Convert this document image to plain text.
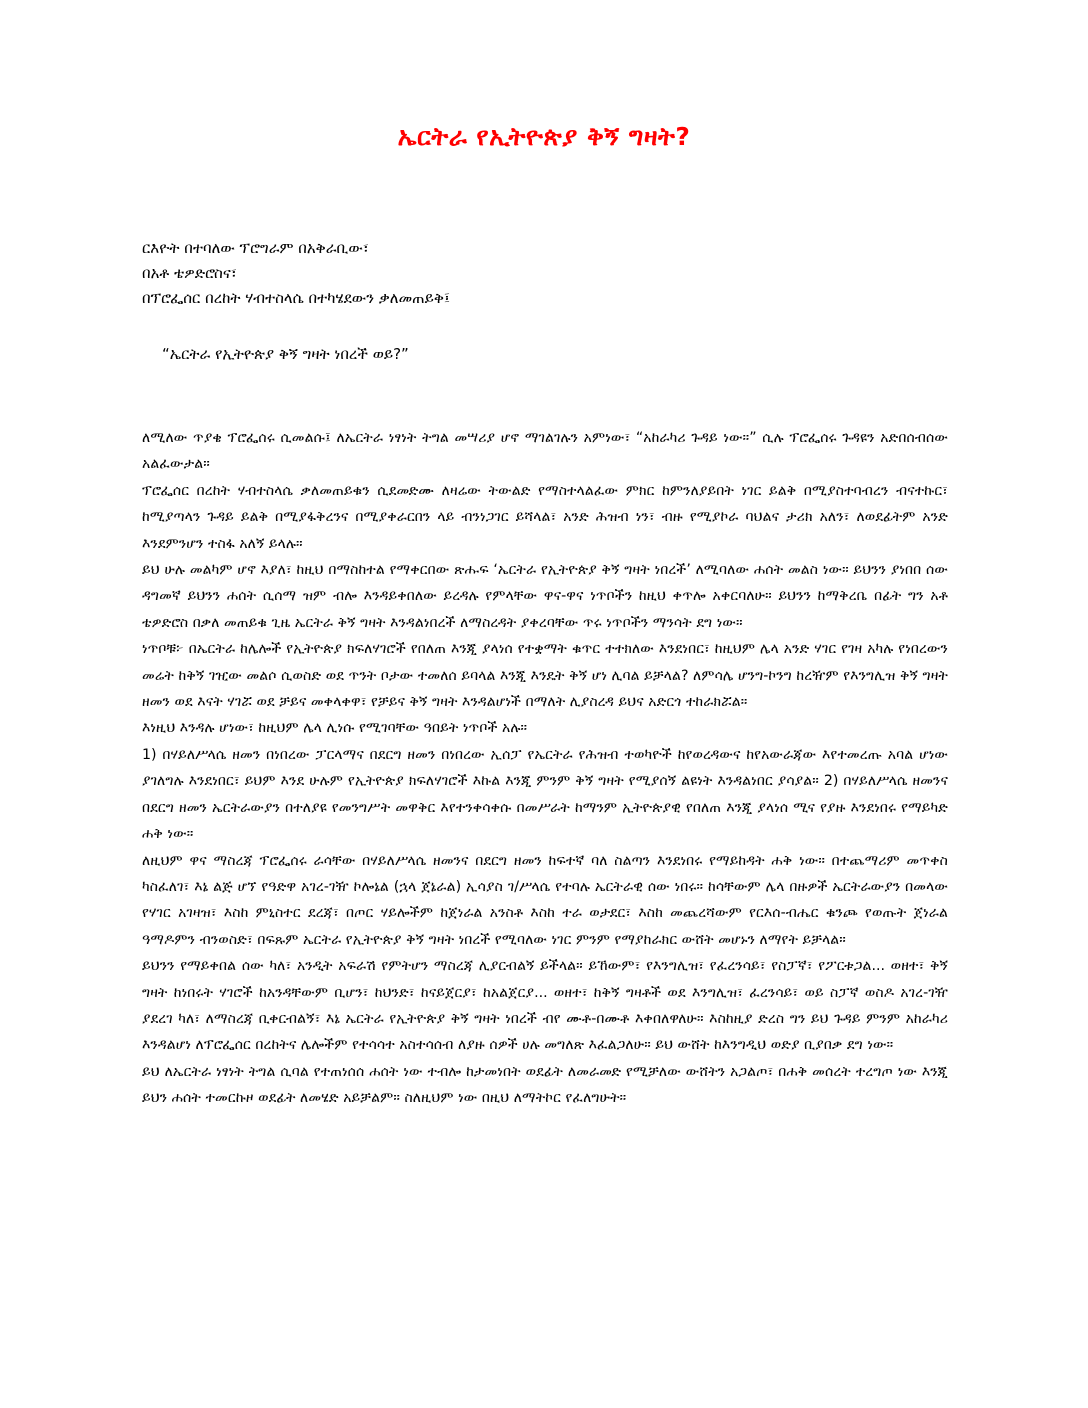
ኤርትራ የኢትዮጵያ ቅኝ ግዛት?
ርእዮት በተባለው ፕሮግራም በአቅራቢው፣
በአቶ ቴዎድሮስና፣
በፕሮፌሰር በረከት ሃብተስላሴ በተካሄደውን ቃለመጠይቅ፤
“ኤርትራ የኢትዮጵያ ቅኝ ግዛት ነበረች ወይ?”

ለሚለው ጥያቄ ፕሮፌሰሩ ሲመልሱ፤ ለኤርትራ ነፃነት ትግል መሣሪያ ሆኖ ማገልገሉን አምነው፣ “አከራካሪ ጉዳይ ነው።” ሲሉ ፕሮፌሰሩ ጉዳዩን አድበሰብሰው አልፈውታል።

ፕሮፌሰር በረከት ሃብተስላሴ ቃለመጠይቁን ሲደመድሙ ለዛሬው ትውልድ የማስተላልፈው ምክር ከምንለያይበት ነገር ይልቅ በሚያስተባብረን ብናተኩር፣ ከሚያጣላን ጉዳይ ይልቅ በሚያፋቅረንና በሚያቀራርበን ላይ ብንነጋገር ይሻላል፣ አንድ ሕዝብ ነን፣ ብዙ የሚያኮራ ባህልና ታሪክ አለን፣ ለወደፊትም አንድ እንደምንሆን ተስፋ አለኝ ይላሉ።

ይህ ሁሉ መልካም ሆኖ እያለ፣ ከዚህ በማስከተል የማቀርበው ጽሑፍ ‘ኤርትራ የኢትዮጵያ ቅኝ ግዛት ነበረች’ ለሚባለው ሐሰት መልስ ነው። ይህንን ያነበበ ሰው ዳግመኛ ይህንን ሐሰት ሲሰማ ዝም ብሎ እንዳይቀበለው ይረዳሉ የምላቸው ዋና-ዋና ነጥቦችን ከዚህ ቀጥሎ አቀርባለሁ። ይህንን ከማቅረቤ በፊት ግን አቶ ቴዎድሮስ በቃለ መጠይቁ ጊዜ ኤርትራ ቅኝ ግዛት እንዳልነበረች ለማስረዳት ያቀረባቸው ጥሩ ነጥቦችን ማንሳት ደግ ነው።

ነጥቦቹ፦ በኤርትራ ከሌሎች የኢትዮጵያ ክፍለሃገሮች የበለጠ እንጂ ያላነሰ የተቋማት ቁጥር ተተክለው እንደነበር፣ ከዚህም ሌላ አንድ ሃገር የገዛ አካሉ የነበረውን መሬት ከቅኝ ገዢው መልሶ ሲወስድ ወደ ጥንት ቦታው ተመለሰ ይባላል እንጂ እንዴት ቅኝ ሆነ ሊባል ይቻላል? ለምሳሌ ሆንግ-ኮንግ ከረዥም የእንግሊዝ ቅኝ ግዛት ዘመን ወደ እናት ሃገሯ ወደ ቻይና መቀላቀዋ፣ የቻይና ቅኝ ግዛት እንዳልሆነች በማለት ሊያስረዳ ይህና አድርጎ ተከራክሯል።

እነዚህ እንዳሉ ሆነው፣ ከዚህም ሌላ ሊነሱ የሚገባቸው ዓበይት ነጥቦች አሉ።

1) በሃይለሥላሴ ዘመን በነበረው ፓርላማና በደርግ ዘመን በነበረው ኢሰፓ የኤርትራ የሕዝብ ተወካዮች ከየወረዳውና ከየአውራጃው እየተመረጡ አባል ሆነው ያገለግሉ እንደነበር፣ ይህም እንደ ሁሉም የኢትዮጵያ ክፍለሃገሮች እኩል እንጂ ምንም ቅኝ ግዛት የሚያሰኝ ልዩነት እንዳልነበር ያሳያል። 2) በሃይለሥላሴ ዘመንና በደርግ ዘመን ኤርትራውያን በተለያዩ የመንግሥት መዋቅር እየተንቀሳቀሱ በመሥራት ከማንም ኢትዮጵያዊ የበለጠ እንጂ ያላነሰ ሚና የያዙ እንደነበሩ የማይካድ ሐቅ ነው።

ለዚህም ዋና ማስረጃ ፕሮፌሰሩ ራሳቸው በሃይለሥላሴ ዘመንና በደርግ ዘመን ከፍተኛ ባለ ስልጣን እንደነበሩ የማይከዳት ሐቅ ነው። በተጨማሪም መጥቀስ ካስፈለገ፣ እኔ ልጅ ሆኘ የዓድዋ አገረ-ገዥ ኮሎኔል (ኋላ ጀኔራል) ኢሳያስ ገ/ሥላሴ የተባሉ ኤርትራዊ ሰው ነበሩ። ከሳቸውም ሌላ በዙዎች ኤርትራውያን በመላው የሃገር አገዛዝ፣ እስከ ምኒስተር ደረጃ፣ በጦር ሃይሎችም ከጀነራል አንስቶ እስከ ተራ ወታደር፣ እስከ መጨረሻውም የርእሰ-ብሔር ቁንጮ የወጡት ጀነራል ዓማዶምን ብንወስድ፣ በፍጹም ኤርትራ የኢትዮጵያ ቅኝ ግዛት ነበረች የሚባለው ነገር ምንም የማያከራክር ውሸት መሆኑን ለማየት ይቻላል።

ይህንን የማይቀበል ሰው ካለ፣ አንዲት አፍራሽ የምትሆን ማስረጃ ሊያርብልኝ ይችላል። ይኸውም፣ የእንግሊዝ፣ የፈረንሳይ፣ የስፓኛ፣ የፖርቱጋል... ወዘተ፣ ቅኝ ግዛት ከነበሩት ሃገሮች ከአንዳቸውም ቢሆን፣ ከህንድ፣ ከናይጀርያ፣ ከአልጀርያ... ወዘተ፣ ከቅኝ ግዛቶች ወደ እንግሊዝ፣ ፈረንሳይ፣ ወይ ስፓኛ ወስዶ አገረ-ገዥ ያደረገ ካለ፣ ለማስረጃ ቢቀርብልኝ፣ እኔ ኤርትራ የኢትዮጵያ ቅኝ ግዛት ነበረች ብየ ሙቶ-በሙቶ እቀበለዋለሁ። እስከዚያ ድረስ ግን ይህ ጉዳይ ምንም አከራካሪ እንዳልሆነ ለፕሮፌሰር በረከትና ሌሎችም የተሳሳተ አስተሳሰብ ለያዙ ሰዎች ሀሉ መግለጽ እፈልጋለሁ። ይህ ውሸት ከእንግዲህ ወድያ ቢያበቃ ደግ ነው።

ይህ ለኤርትራ ነፃነት ትግል ሲባል የተጠነሰሰ ሐሰት ነው ተብሎ ከታመነበት ወደፊት ለመራመድ የሚቻለው ውሸትን አጋልጦ፣ በሐቅ መሰረት ተረግጦ ነው እንጂ ይህን ሐሰት ተመርኩዞ ወደፊት ለመሄድ አይቻልም። ስለዚህም ነው በዚህ ለማትኮር የፈለግሁት።
